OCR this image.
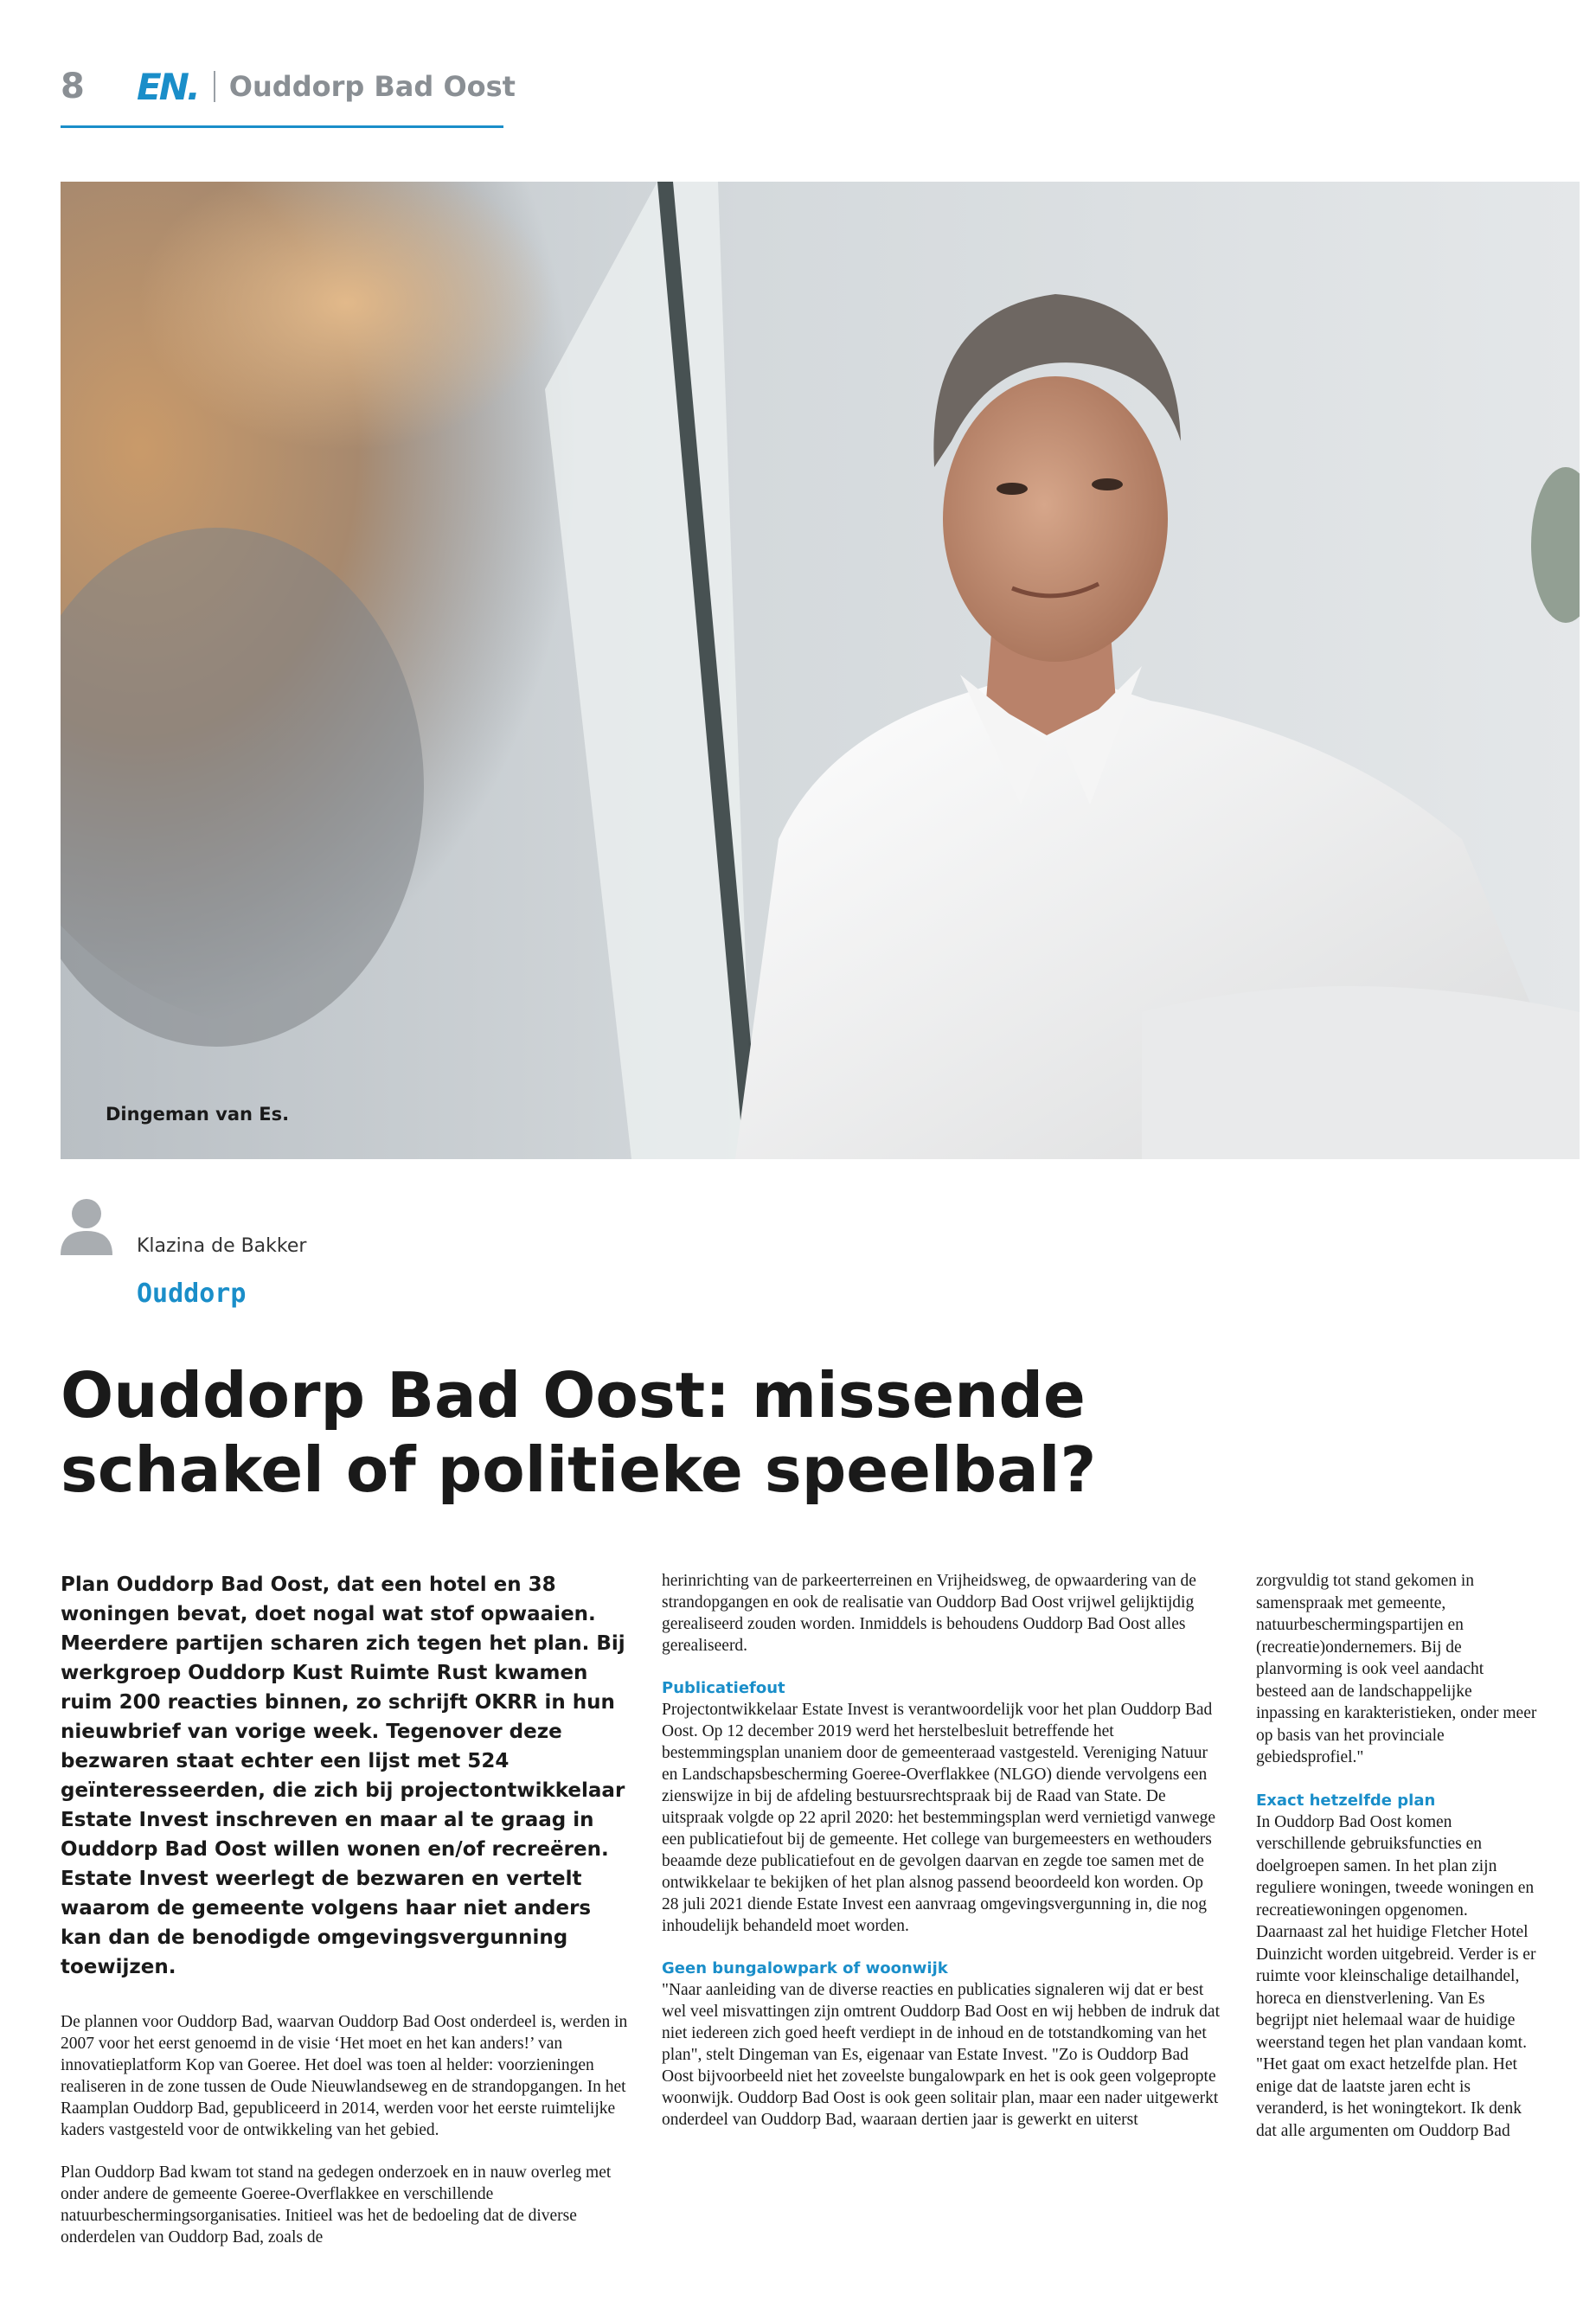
8	EN. Ouddorp Bad Oost
Dingeman van Es.
Klazina de Bakker
Ouddorp
Ouddorp Bad Oost: missende schakel of politieke speelbal?

Plan Ouddorp Bad Oost, dat een hotel en 38 woningen bevat, doet nogal wat stof opwaaien. Meerdere partijen scharen zich tegen het plan. Bij werkgroep Ouddorp Kust Ruimte Rust kwamen ruim 200 reacties binnen, zo schrijft OKRR in hun nieuwbrief van vorige week. Tegenover deze bezwaren staat echter een lijst met 524 geïnteresseerden, die zich bij projectontwikkelaar Estate Invest inschreven en maar al te graag in Ouddorp Bad Oost willen wonen en/of recreëren. Estate Invest weerlegt de bezwaren en vertelt waarom de gemeente volgens haar niet anders kan dan de benodigde omgevingsvergunning toewijzen.

De plannen voor Ouddorp Bad, waarvan Ouddorp Bad Oost onderdeel is, werden in 2007 voor het eerst genoemd in de visie ‘Het moet en het kan anders!’ van innovatieplatform Kop van Goeree. Het doel was toen al helder: voorzieningen realiseren in de zone tussen de Oude Nieuwlandseweg en de strandopgangen. In het Raamplan Ouddorp Bad, gepubliceerd in 2014, werden voor het eerste ruimtelijke kaders vastgesteld voor de ontwikkeling van het gebied.

Plan Ouddorp Bad kwam tot stand na gedegen onderzoek en in nauw overleg met onder andere de gemeente Goeree-Overflakkee en verschillende natuurbeschermingsorganisaties. Initieel was het de bedoeling dat de diverse onderdelen van Ouddorp Bad, zoals de

herinrichting van de parkeerterreinen en Vrijheidsweg, de opwaardering van de strandopgangen en ook de realisatie van Ouddorp Bad Oost vrijwel gelijktijdig gerealiseerd zouden worden. Inmiddels is behoudens Ouddorp Bad Oost alles gerealiseerd.

Publicatiefout

Projectontwikkelaar Estate Invest is verantwoordelijk voor het plan Ouddorp Bad Oost. Op 12 december 2019 werd het herstelbesluit betreffende het bestemmingsplan unaniem door de gemeenteraad vastgesteld. Vereniging Natuur en Landschapsbescherming Goeree-Overflakkee (NLGO) diende vervolgens een zienswijze in bij de afdeling bestuursrechtspraak bij de Raad van State. De uitspraak volgde op 22 april 2020: het bestemmingsplan werd vernietigd vanwege een publicatiefout bij de gemeente. Het college van burgemeesters en wethouders beaamde deze publicatiefout en de gevolgen daarvan en zegde toe samen met de ontwikkelaar te bekijken of het plan alsnog passend beoordeeld kon worden. Op 28 juli 2021 diende Estate Invest een aanvraag omgevingsvergunning in, die nog inhoudelijk behandeld moet worden.

Geen bungalowpark of woonwijk

"Naar aanleiding van de diverse reacties en publicaties signaleren wij dat er best wel veel misvattingen zijn omtrent Ouddorp Bad Oost en wij hebben de indruk dat niet iedereen zich goed heeft verdiept in de inhoud en de totstandkoming van het plan", stelt Dingeman van Es, eigenaar van Estate Invest. "Zo is Ouddorp Bad Oost bijvoorbeeld niet het zoveelste bungalowpark en het is ook geen volgepropte woonwijk. Ouddorp Bad Oost is ook geen solitair plan, maar een nader uitgewerkt onderdeel van Ouddorp Bad, waaraan dertien jaar is gewerkt en uiterst

zorgvuldig tot stand gekomen in samenspraak met gemeente, natuurbeschermingspartijen en (recreatie)ondernemers. Bij de planvorming is ook veel aandacht besteed aan de landschappelijke inpassing en karakteristieken, onder meer op basis van het provinciale gebiedsprofiel."

Exact hetzelfde plan

In Ouddorp Bad Oost komen verschillende gebruiksfuncties en doelgroepen samen. In het plan zijn reguliere woningen, tweede woningen en recreatiewoningen opgenomen. Daarnaast zal het huidige Fletcher Hotel Duinzicht worden uitgebreid. Verder is er ruimte voor kleinschalige detailhandel, horeca en dienstverlening. Van Es begrijpt niet helemaal waar de huidige weerstand tegen het plan vandaan komt. "Het gaat om exact hetzelfde plan. Het enige dat de laatste jaren echt is veranderd, is het woningtekort. Ik denk dat alle argumenten om Ouddorp Bad
